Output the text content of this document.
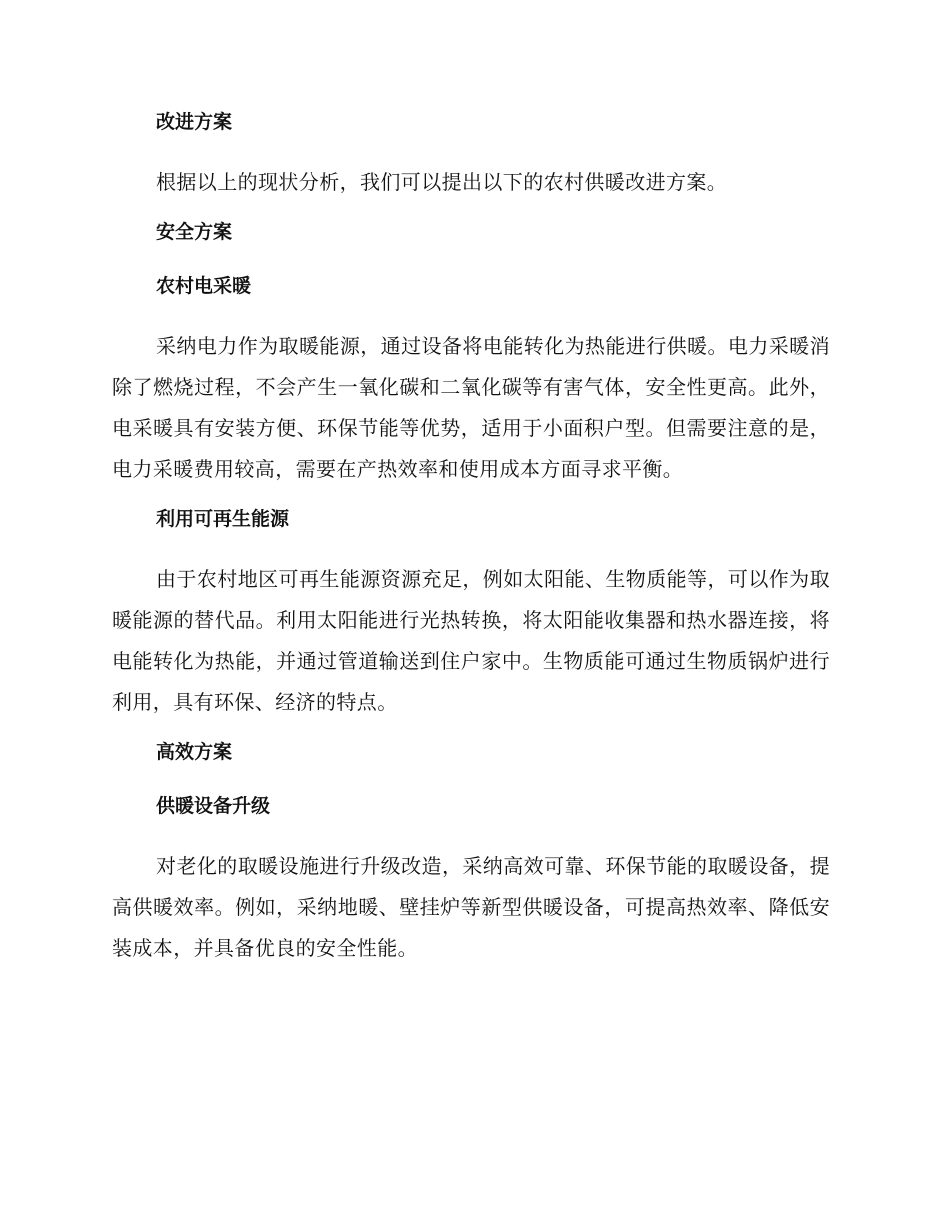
改进方案

根据以上的现状分析，我们可以提出以下的农村供暖改进方案。

安全方案
农村电采暖

采纳电力作为取暖能源，通过设备将电能转化为热能进行供暖。电力采暖消除了燃烧过程，不会产生一氧化碳和二氧化碳等有害气体，安全性更高。此外，电采暖具有安装方便、环保节能等优势，适用于小面积户型。但需要注意的是，电力采暖费用较高，需要在产热效率和使用成本方面寻求平衡。

利用可再生能源

由于农村地区可再生能源资源充足，例如太阳能、生物质能等，可以作为取暖能源的替代品。利用太阳能进行光热转换，将太阳能收集器和热水器连接，将电能转化为热能，并通过管道输送到住户家中。生物质能可通过生物质锅炉进行利用，具有环保、经济的特点。

高效方案
供暖设备升级

对老化的取暖设施进行升级改造，采纳高效可靠、环保节能的取暖设备，提高供暖效率。例如，采纳地暖、壁挂炉等新型供暖设备，可提高热效率、降低安装成本，并具备优良的安全性能。
